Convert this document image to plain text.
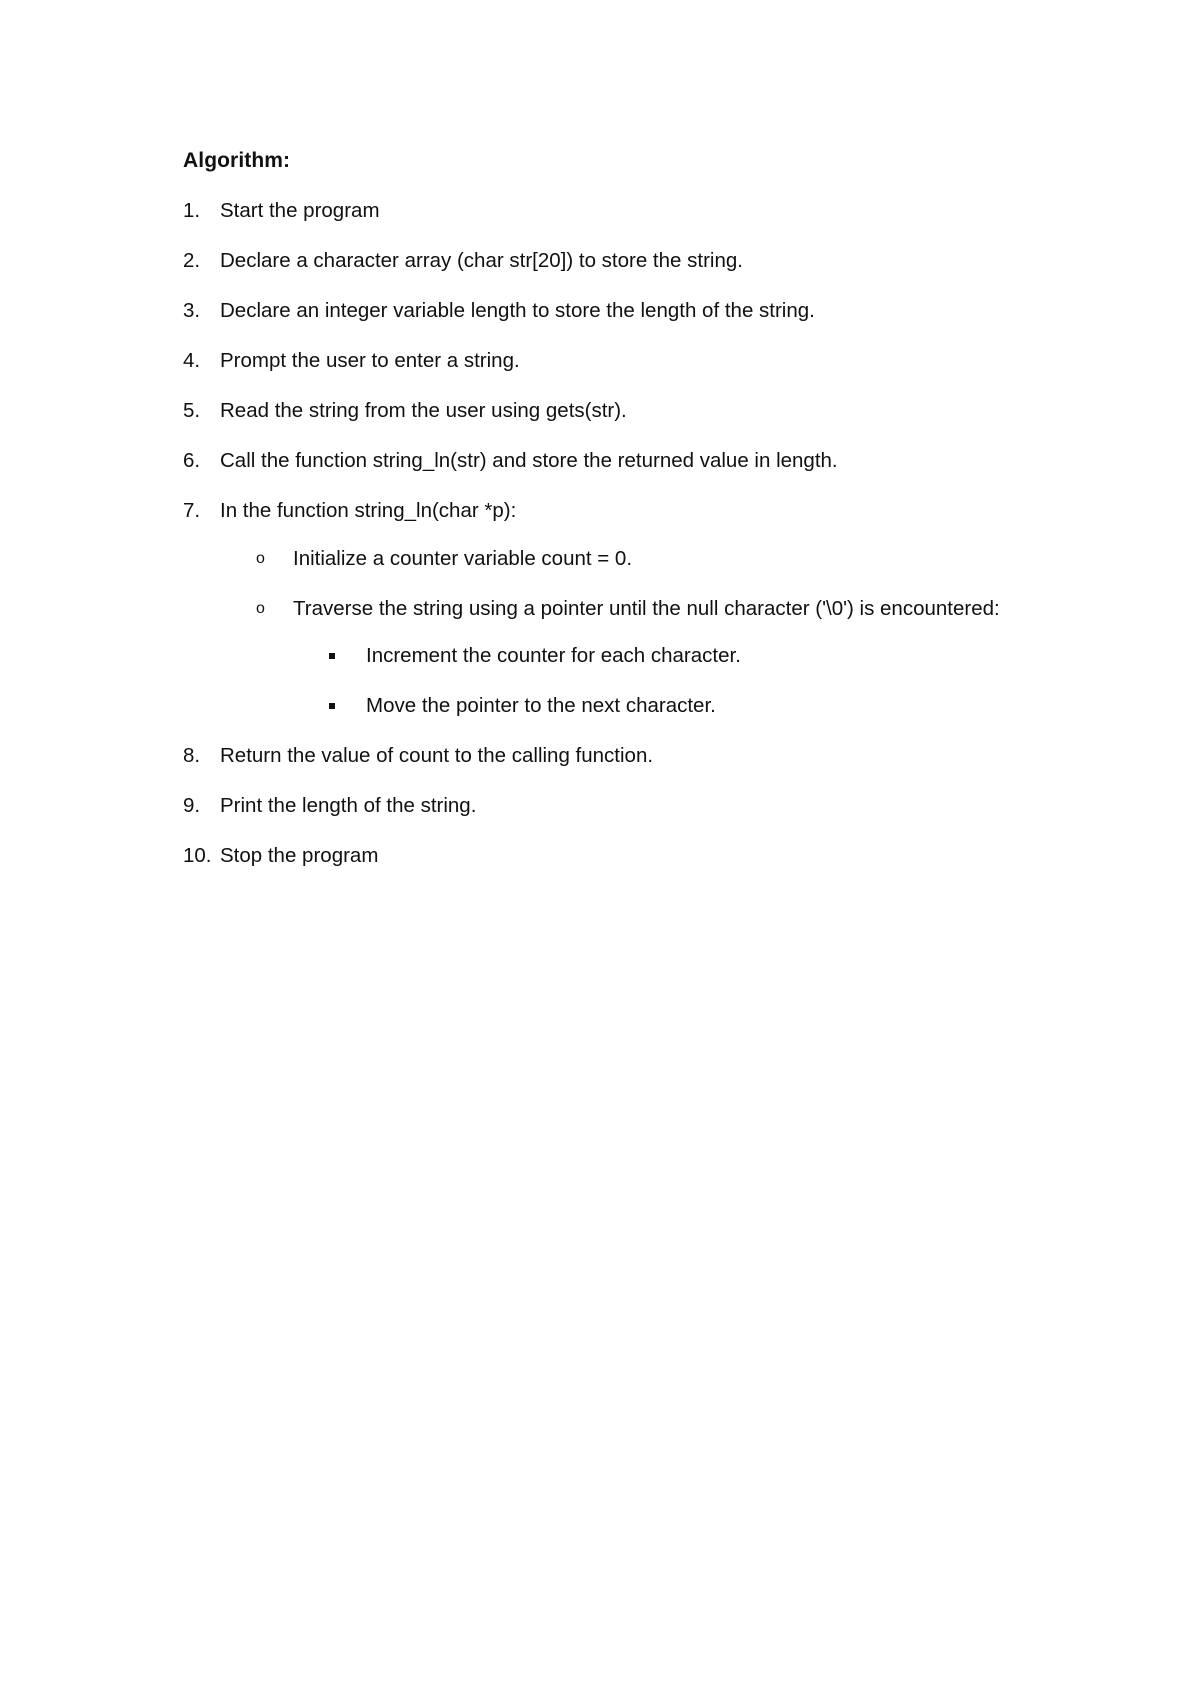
Algorithm:
1. Start the program
2. Declare a character array (char str[20]) to store the string.
3. Declare an integer variable length to store the length of the string.
4. Prompt the user to enter a string.
5. Read the string from the user using gets(str).
6. Call the function string_ln(str) and store the returned value in length.
7. In the function string_ln(char *p):
o Initialize a counter variable count = 0.
o Traverse the string using a pointer until the null character ('\0') is encountered:
Increment the counter for each character.
Move the pointer to the next character.
8. Return the value of count to the calling function.
9. Print the length of the string.
10. Stop the program
